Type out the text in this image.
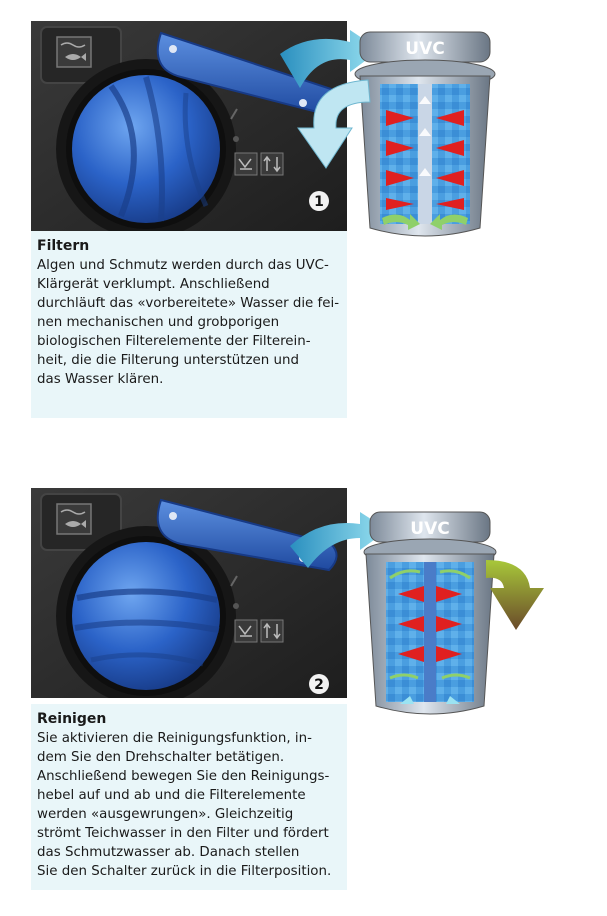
1
Filtern
Algen und Schmutz werden durch das UVC-
Klärgerät verklumpt. Anschließend
durchläuft das «vorbereitete» Wasser die fei-
nen mechanischen und grobporigen
biologischen Filterelemente der Filterein-
heit, die die Filterung unterstützen und
das Wasser klären.
UVC
2
Reinigen
Sie aktivieren die Reinigungsfunktion, in-
dem Sie den Drehschalter betätigen.
Anschließend bewegen Sie den Reinigungs-
hebel auf und ab und die Filterelemente
werden «ausgewrungen». Gleichzeitig
strömt Teichwasser in den Filter und fördert
das Schmutzwasser ab. Danach stellen
Sie den Schalter zurück in die Filterposition.
UVC
